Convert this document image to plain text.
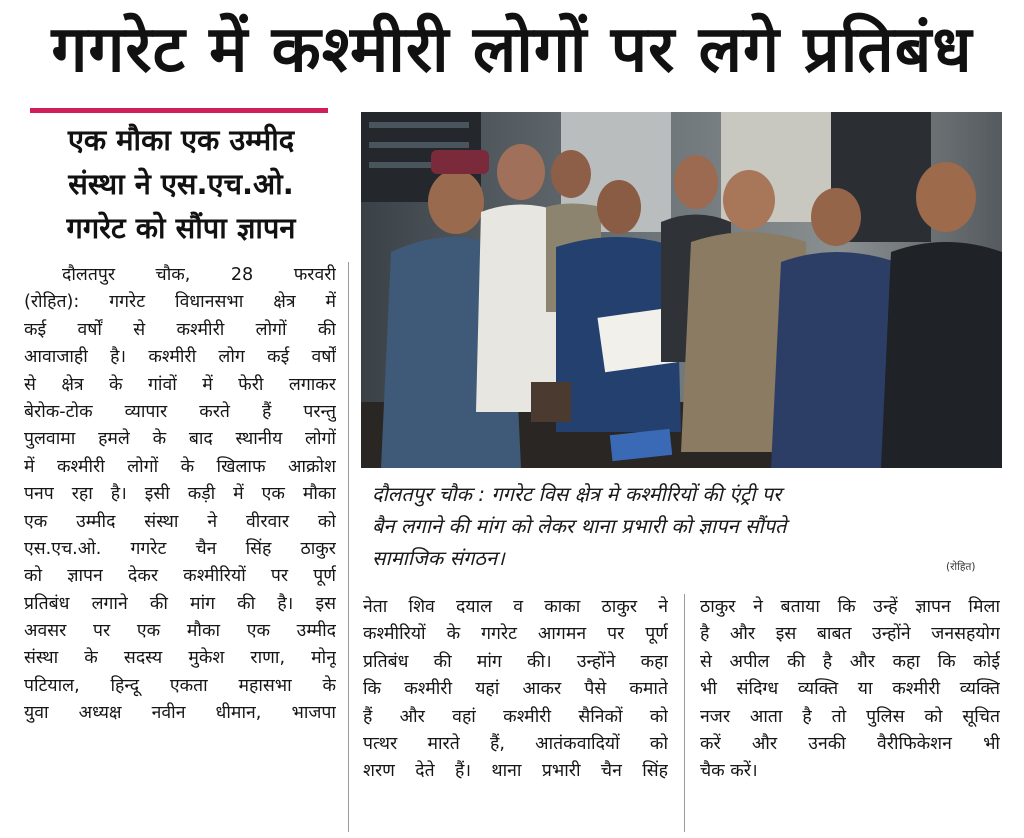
गगरेट में कश्मीरी लोगों पर लगे प्रतिबंध
एक मौका एक उम्मीद
संस्था ने एस.एच.ओ.
गगरेट को सौंपा ज्ञापन
दौलतपुर चौक, 28 फरवरी
(रोहित): गगरेट विधानसभा क्षेत्र में
कई वर्षों से कश्मीरी लोगों की
आवाजाही है। कश्मीरी लोग कई वर्षों
से क्षेत्र के गांवों में फेरी लगाकर
बेरोक-टोक व्यापार करते हैं परन्तु
पुलवामा हमले के बाद स्थानीय लोगों
में कश्मीरी लोगों के खिलाफ आक्रोश
पनप रहा है। इसी कड़ी में एक मौका
एक उम्मीद संस्था ने वीरवार को
एस.एच.ओ. गगरेट चैन सिंह ठाकुर
को ज्ञापन देकर कश्मीरियों पर पूर्ण
प्रतिबंध लगाने की मांग की है। इस
अवसर पर एक मौका एक उम्मीद
संस्था के सदस्य मुकेश राणा, मोनू
पटियाल, हिन्दू एकता महासभा के
युवा अध्यक्ष नवीन धीमान, भाजपा
दौलतपुर चौक : गगरेट विस क्षेत्र मे कश्मीरियों की एंट्री पर
बैन लगाने की मांग को लेकर थाना प्रभारी को ज्ञापन सौंपते
सामाजिक संगठन।	(रोहित)
नेता शिव दयाल व काका ठाकुर ने
कश्मीरियों के गगरेट आगमन पर पूर्ण
प्रतिबंध की मांग की। उन्होंने कहा
कि कश्मीरी यहां आकर पैसे कमाते
हैं और वहां कश्मीरी सैनिकों को
पत्थर मारते हैं, आतंकवादियों को
शरण देते हैं। थाना प्रभारी चैन सिंह
ठाकुर ने बताया कि उन्हें ज्ञापन मिला
है और इस बाबत उन्होंने जनसहयोग
से अपील की है और कहा कि कोई
भी संदिग्ध व्यक्ति या कश्मीरी व्यक्ति
नजर आता है तो पुलिस को सूचित
करें और उनकी वैरीफिकेशन भी
चैक करें।
